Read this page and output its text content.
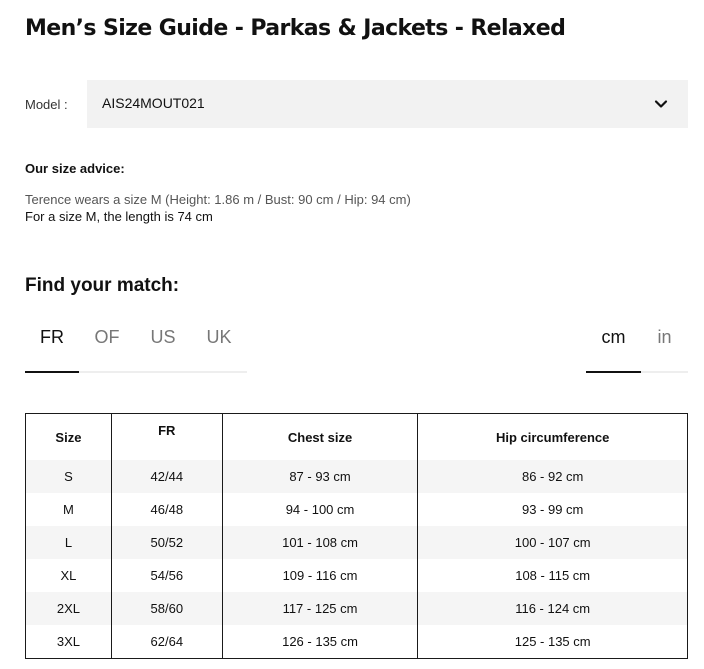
Men’s Size Guide - Parkas & Jackets - Relaxed
Model : AIS24MOUT021
Our size advice:
Terence wears a size M (Height: 1.86 m / Bust: 90 cm / Hip: 94 cm)
For a size M, the length is 74 cm
Find your match:
FR	OF	US	UK	cm	in
Size	FR	Chest size	Hip circumference
S	42/44	87 - 93 cm	86 - 92 cm
M	46/48	94 - 100 cm	93 - 99 cm
L	50/52	101 - 108 cm	100 - 107 cm
XL	54/56	109 - 116 cm	108 - 115 cm
2XL	58/60	117 - 125 cm	116 - 124 cm
3XL	62/64	126 - 135 cm	125 - 135 cm
